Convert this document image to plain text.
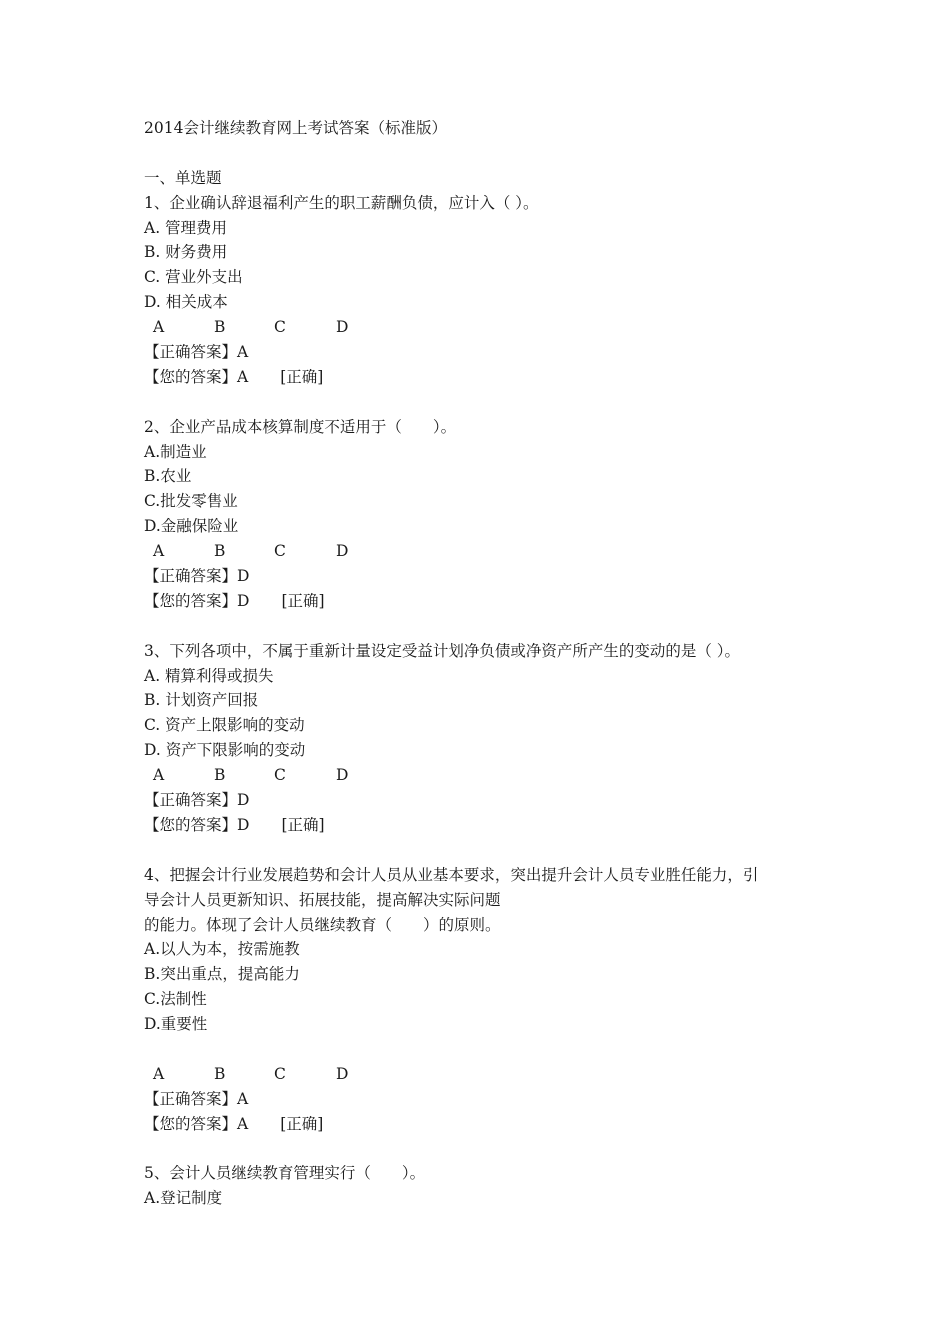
2014会计继续教育网上考试答案（标准版）
一、单选题
1、企业确认辞退福利产生的职工薪酬负债，应计入（ ）。
A. 管理费用
B. 财务费用
C. 营业外支出
D. 相关成本
A	B	C	D
【正确答案】A
【您的答案】A [正确]
2、企业产品成本核算制度不适用于（　　）。
A.制造业
B.农业
C.批发零售业
D.金融保险业
A	B	C	D
【正确答案】D
【您的答案】D [正确]
3、下列各项中，不属于重新计量设定受益计划净负债或净资产所产生的变动的是（ ）。
A. 精算利得或损失
B. 计划资产回报
C. 资产上限影响的变动
D. 资产下限影响的变动
A	B	C	D
【正确答案】D
【您的答案】D [正确]
4、把握会计行业发展趋势和会计人员从业基本要求，突出提升会计人员专业胜任能力，引
导会计人员更新知识、拓展技能，提高解决实际问题
的能力。体现了会计人员继续教育（　　）的原则。
A.以人为本，按需施教
B.突出重点，提高能力
C.法制性
D.重要性
A	B	C	D
【正确答案】A
【您的答案】A [正确]
5、会计人员继续教育管理实行（　　）。
A.登记制度
